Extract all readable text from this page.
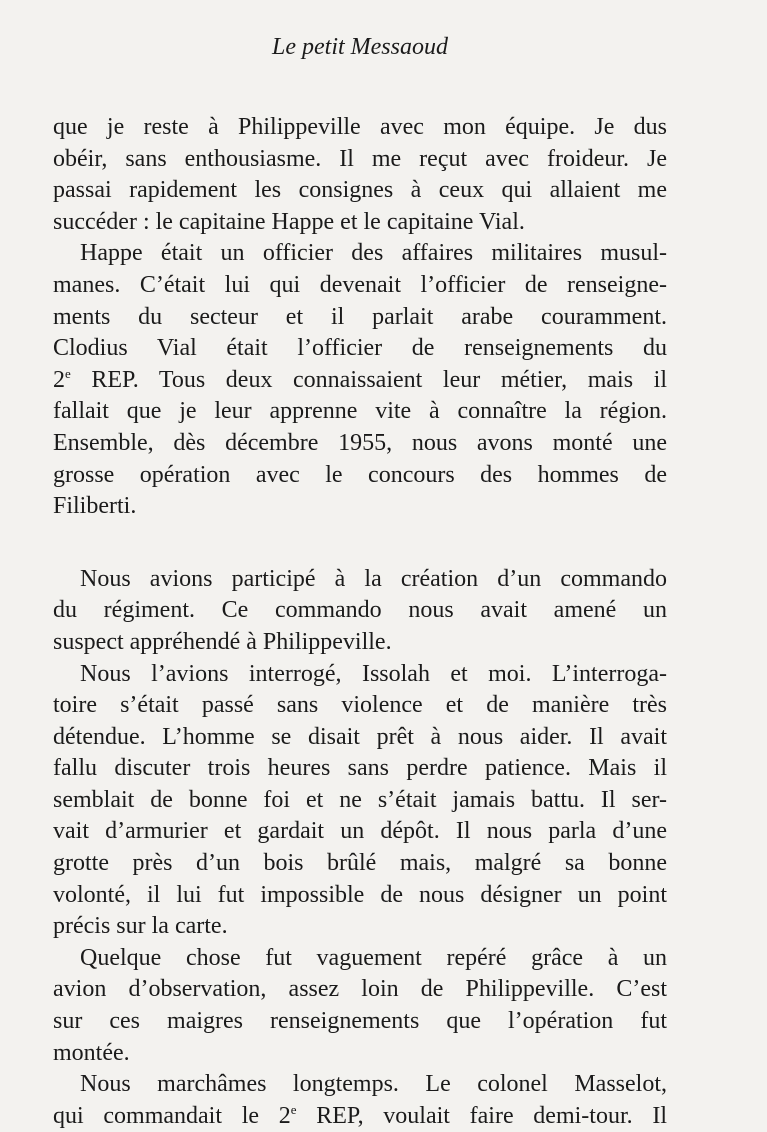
Le petit Messaoud
que je reste à Philippeville avec mon équipe. Je dus
obéir, sans enthousiasme. Il me reçut avec froideur. Je
passai rapidement les consignes à ceux qui allaient me
succéder : le capitaine Happe et le capitaine Vial.
Happe était un officier des affaires militaires musul-
manes. C’était lui qui devenait l’officier de renseigne-
ments du secteur et il parlait arabe couramment.
Clodius Vial était l’officier de renseignements du
2e REP. Tous deux connaissaient leur métier, mais il
fallait que je leur apprenne vite à connaître la région.
Ensemble, dès décembre 1955, nous avons monté une
grosse opération avec le concours des hommes de
Filiberti.
Nous avions participé à la création d’un commando
du régiment. Ce commando nous avait amené un
suspect appréhendé à Philippeville.
Nous l’avions interrogé, Issolah et moi. L’interroga-
toire s’était passé sans violence et de manière très
détendue. L’homme se disait prêt à nous aider. Il avait
fallu discuter trois heures sans perdre patience. Mais il
semblait de bonne foi et ne s’était jamais battu. Il ser-
vait d’armurier et gardait un dépôt. Il nous parla d’une
grotte près d’un bois brûlé mais, malgré sa bonne
volonté, il lui fut impossible de nous désigner un point
précis sur la carte.
Quelque chose fut vaguement repéré grâce à un
avion d’observation, assez loin de Philippeville. C’est
sur ces maigres renseignements que l’opération fut
montée.
Nous marchâmes longtemps. Le colonel Masselot,
qui commandait le 2e REP, voulait faire demi-tour. Il
